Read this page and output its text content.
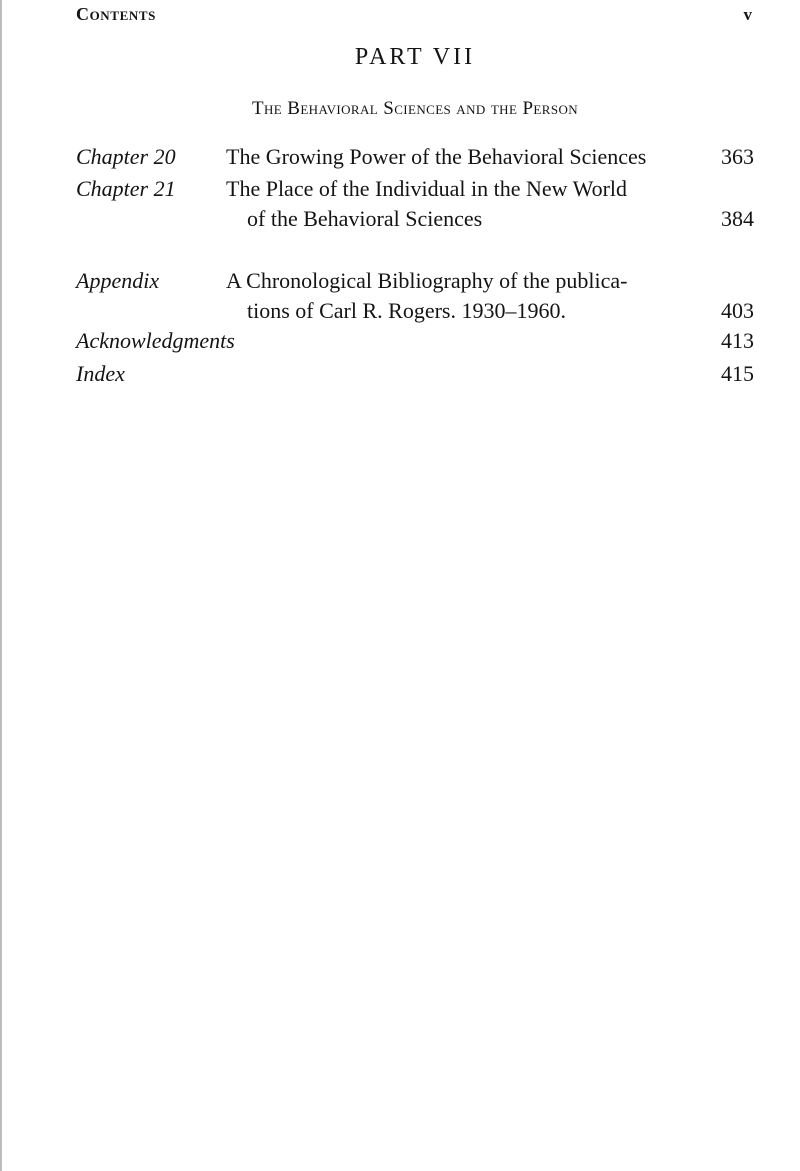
Contents	v
PART VII
The Behavioral Sciences and the Person
Chapter 20 The Growing Power of the Behavioral Sciences	363
Chapter 21 The Place of the Individual in the New World
of the Behavioral Sciences	384
Appendix	A Chronological Bibliography of the publica-
tions of Carl R. Rogers. 1930–1960.	403
Acknowledgments	413
Index	415
